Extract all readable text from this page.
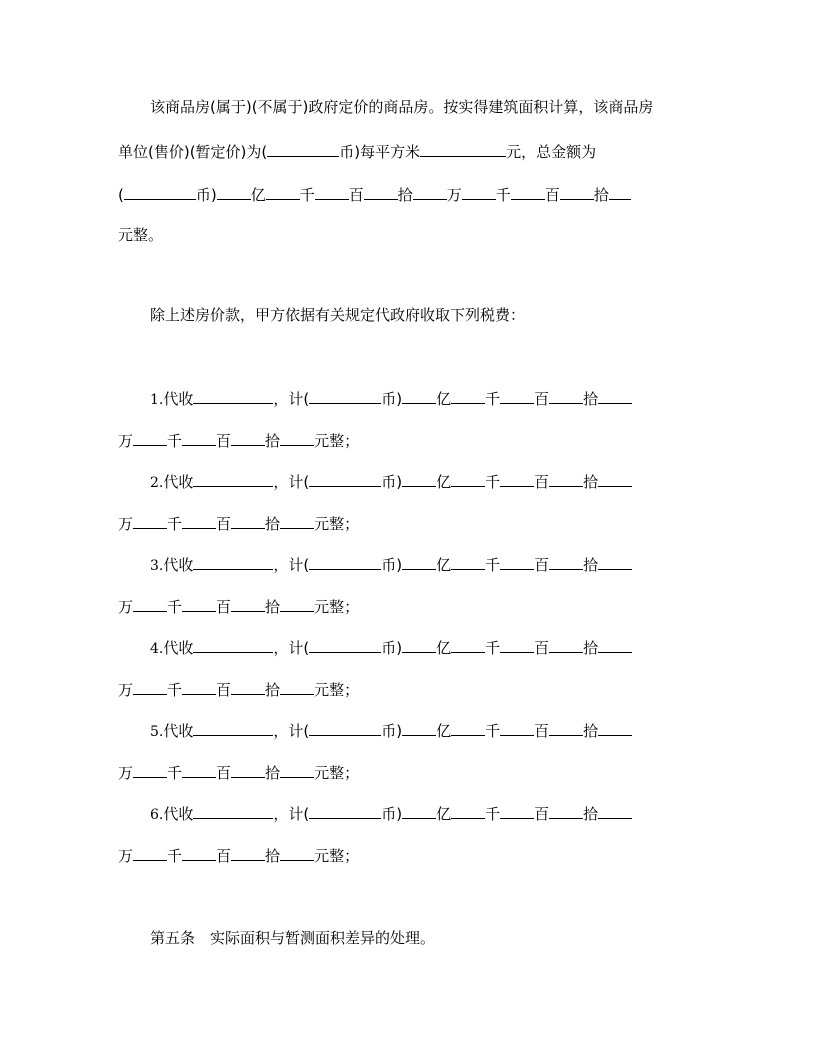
该商品房(属于)(不属于)政府定价的商品房。按实得建筑面积计算，该商品房
单位(售价)(暂定价)为(	币)每平方米	元，总金额为
(	币) 亿 千 百 拾 万 千 百 拾
元整。
除上述房价款，甲方依据有关规定代政府收取下列税费：
1.代收	，计(	币) 亿 千 百 拾
万 千 百 拾 元整；
2.代收	，计(	币) 亿 千 百 拾
万 千 百 拾 元整；
3.代收	，计(	币) 亿 千 百 拾
万 千 百 拾 元整；
4.代收	，计(	币) 亿 千 百 拾
万 千 百 拾 元整；
5.代收	，计(	币) 亿 千 百 拾
万 千 百 拾 元整；
6.代收	，计(	币) 亿 千 百 拾
万 千 百 拾 元整；
第五条　实际面积与暂测面积差异的处理。
